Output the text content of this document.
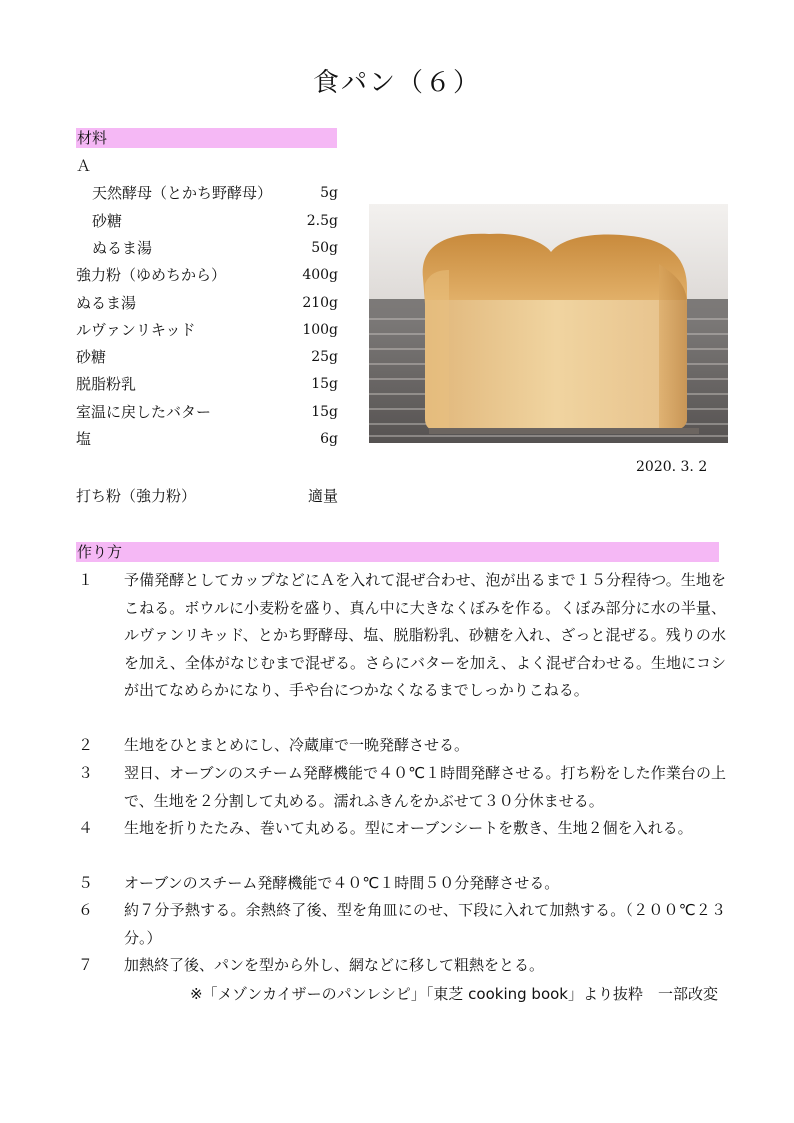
食パン（６）
材料
Ａ
天然酵母（とかち野酵母）	5g
砂糖	2.5g
ぬるま湯	50g
強力粉（ゆめちから）	400g
ぬるま湯	210g
ルヴァンリキッド	100g
砂糖	25g
脱脂粉乳	15g
室温に戻したバター	15g
塩	6g
打ち粉（強力粉）	適量
2020. 3. 2
作り方
１ 予備発酵としてカップなどにＡを入れて混ぜ合わせ、泡が出るまで１５分程待つ。生地をこねる。ボウルに小麦粉を盛り、真ん中に大きなくぼみを作る。くぼみ部分に水の半量、ルヴァンリキッド、とかち野酵母、塩、脱脂粉乳、砂糖を入れ、ざっと混ぜる。残りの水を加え、全体がなじむまで混ぜる。さらにバターを加え、よく混ぜ合わせる。生地にコシが出てなめらかになり、手や台につかなくなるまでしっかりこねる。
２ 生地をひとまとめにし、冷蔵庫で一晩発酵させる。
３ 翌日、オーブンのスチーム発酵機能で４０℃１時間発酵させる。打ち粉をした作業台の上で、生地を２分割して丸める。濡れふきんをかぶせて３０分休ませる。
４ 生地を折りたたみ、巻いて丸める。型にオーブンシートを敷き、生地２個を入れる。
５ オーブンのスチーム発酵機能で４０℃１時間５０分発酵させる。
６ 約７分予熱する。余熱終了後、型を角皿にのせ、下段に入れて加熱する。（２００℃２３分。）
７ 加熱終了後、パンを型から外し、網などに移して粗熱をとる。
※「メゾンカイザーのパンレシピ」「東芝 cooking book」より抜粋　一部改変
